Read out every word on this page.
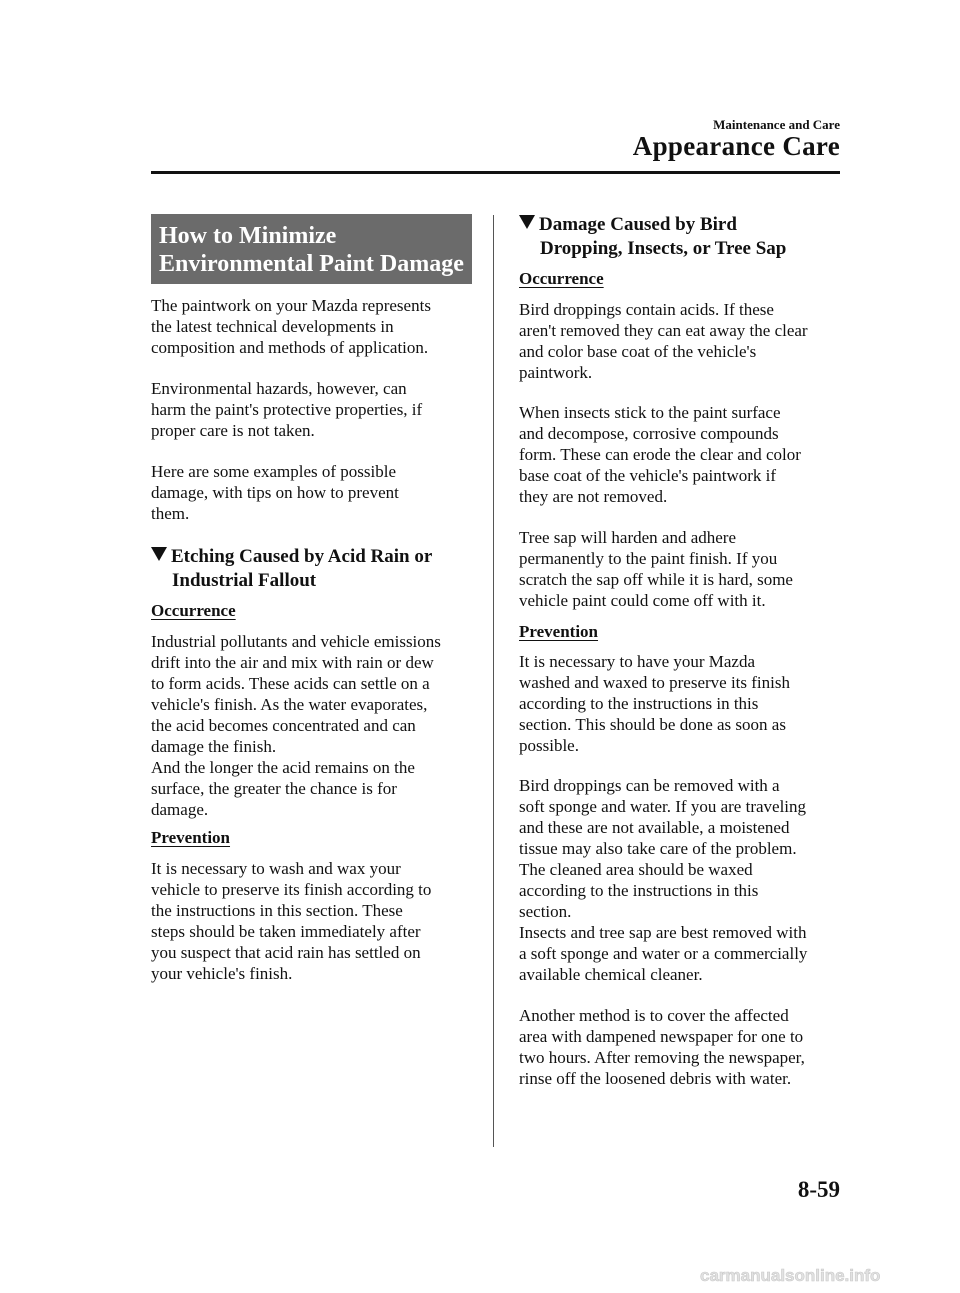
Maintenance and Care
Appearance Care
How to Minimize
Environmental Paint Damage
The paintwork on your Mazda represents
the latest technical developments in
composition and methods of application.
Environmental hazards, however, can
harm the paint's protective properties, if
proper care is not taken.
Here are some examples of possible
damage, with tips on how to prevent
them.
Etching Caused by Acid Rain or
Industrial Fallout
Occurrence
Industrial pollutants and vehicle emissions
drift into the air and mix with rain or dew
to form acids. These acids can settle on a
vehicle's finish. As the water evaporates,
the acid becomes concentrated and can
damage the finish.
And the longer the acid remains on the
surface, the greater the chance is for
damage.
Prevention
It is necessary to wash and wax your
vehicle to preserve its finish according to
the instructions in this section. These
steps should be taken immediately after
you suspect that acid rain has settled on
your vehicle's finish.
Damage Caused by Bird
Dropping, Insects, or Tree Sap
Occurrence
Bird droppings contain acids. If these
aren't removed they can eat away the clear
and color base coat of the vehicle's
paintwork.
When insects stick to the paint surface
and decompose, corrosive compounds
form. These can erode the clear and color
base coat of the vehicle's paintwork if
they are not removed.
Tree sap will harden and adhere
permanently to the paint finish. If you
scratch the sap off while it is hard, some
vehicle paint could come off with it.
Prevention
It is necessary to have your Mazda
washed and waxed to preserve its finish
according to the instructions in this
section. This should be done as soon as
possible.
Bird droppings can be removed with a
soft sponge and water. If you are traveling
and these are not available, a moistened
tissue may also take care of the problem.
The cleaned area should be waxed
according to the instructions in this
section.
Insects and tree sap are best removed with
a soft sponge and water or a commercially
available chemical cleaner.
Another method is to cover the affected
area with dampened newspaper for one to
two hours. After removing the newspaper,
rinse off the loosened debris with water.
8-59
carmanualsonline.info
